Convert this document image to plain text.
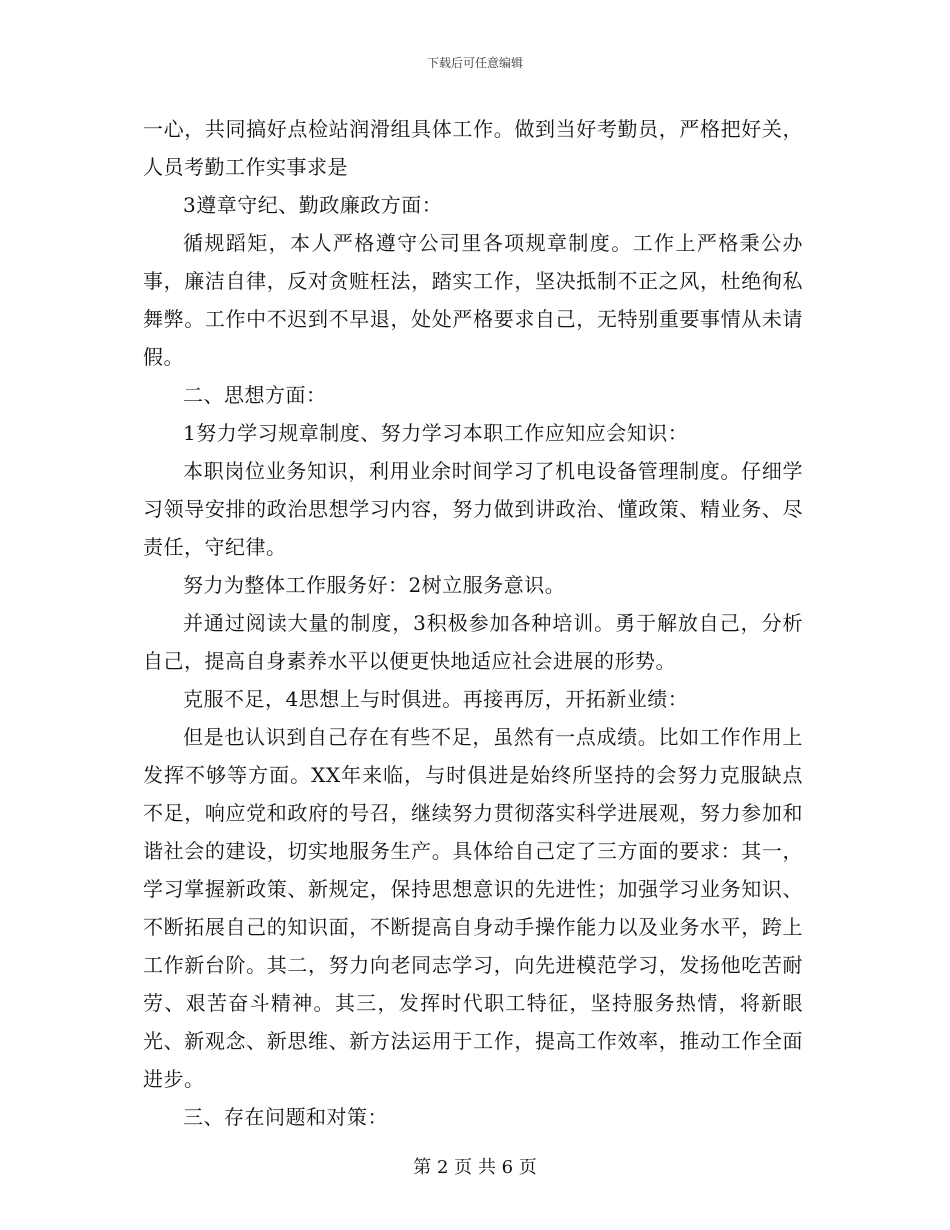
下载后可任意编辑

一心，共同搞好点检站润滑组具体工作。做到当好考勤员，严格把好关，人员考勤工作实事求是

3遵章守纪、勤政廉政方面：

循规蹈矩，本人严格遵守公司里各项规章制度。工作上严格秉公办事，廉洁自律，反对贪赃枉法，踏实工作，坚决抵制不正之风，杜绝徇私舞弊。工作中不迟到不早退，处处严格要求自己，无特别重要事情从未请假。

二、思想方面：

1努力学习规章制度、努力学习本职工作应知应会知识：

本职岗位业务知识，利用业余时间学习了机电设备管理制度。仔细学习领导安排的政治思想学习内容，努力做到讲政治、懂政策、精业务、尽责任，守纪律。

努力为整体工作服务好：2树立服务意识。

并通过阅读大量的制度，3积极参加各种培训。勇于解放自己，分析自己，提高自身素养水平以便更快地适应社会进展的形势。

克服不足，4思想上与时俱进。再接再厉，开拓新业绩：

但是也认识到自己存在有些不足，虽然有一点成绩。比如工作作用上发挥不够等方面。XX年来临，与时俱进是始终所坚持的会努力克服缺点不足，响应党和政府的号召，继续努力贯彻落实科学进展观，努力参加和谐社会的建设，切实地服务生产。具体给自己定了三方面的要求：其一，学习掌握新政策、新规定，保持思想意识的先进性；加强学习业务知识、不断拓展自己的知识面，不断提高自身动手操作能力以及业务水平，跨上工作新台阶。其二，努力向老同志学习，向先进模范学习，发扬他吃苦耐劳、艰苦奋斗精神。其三，发挥时代职工特征，坚持服务热情，将新眼光、新观念、新思维、新方法运用于工作，提高工作效率，推动工作全面进步。

三、存在问题和对策：

第 2 页 共 6 页
